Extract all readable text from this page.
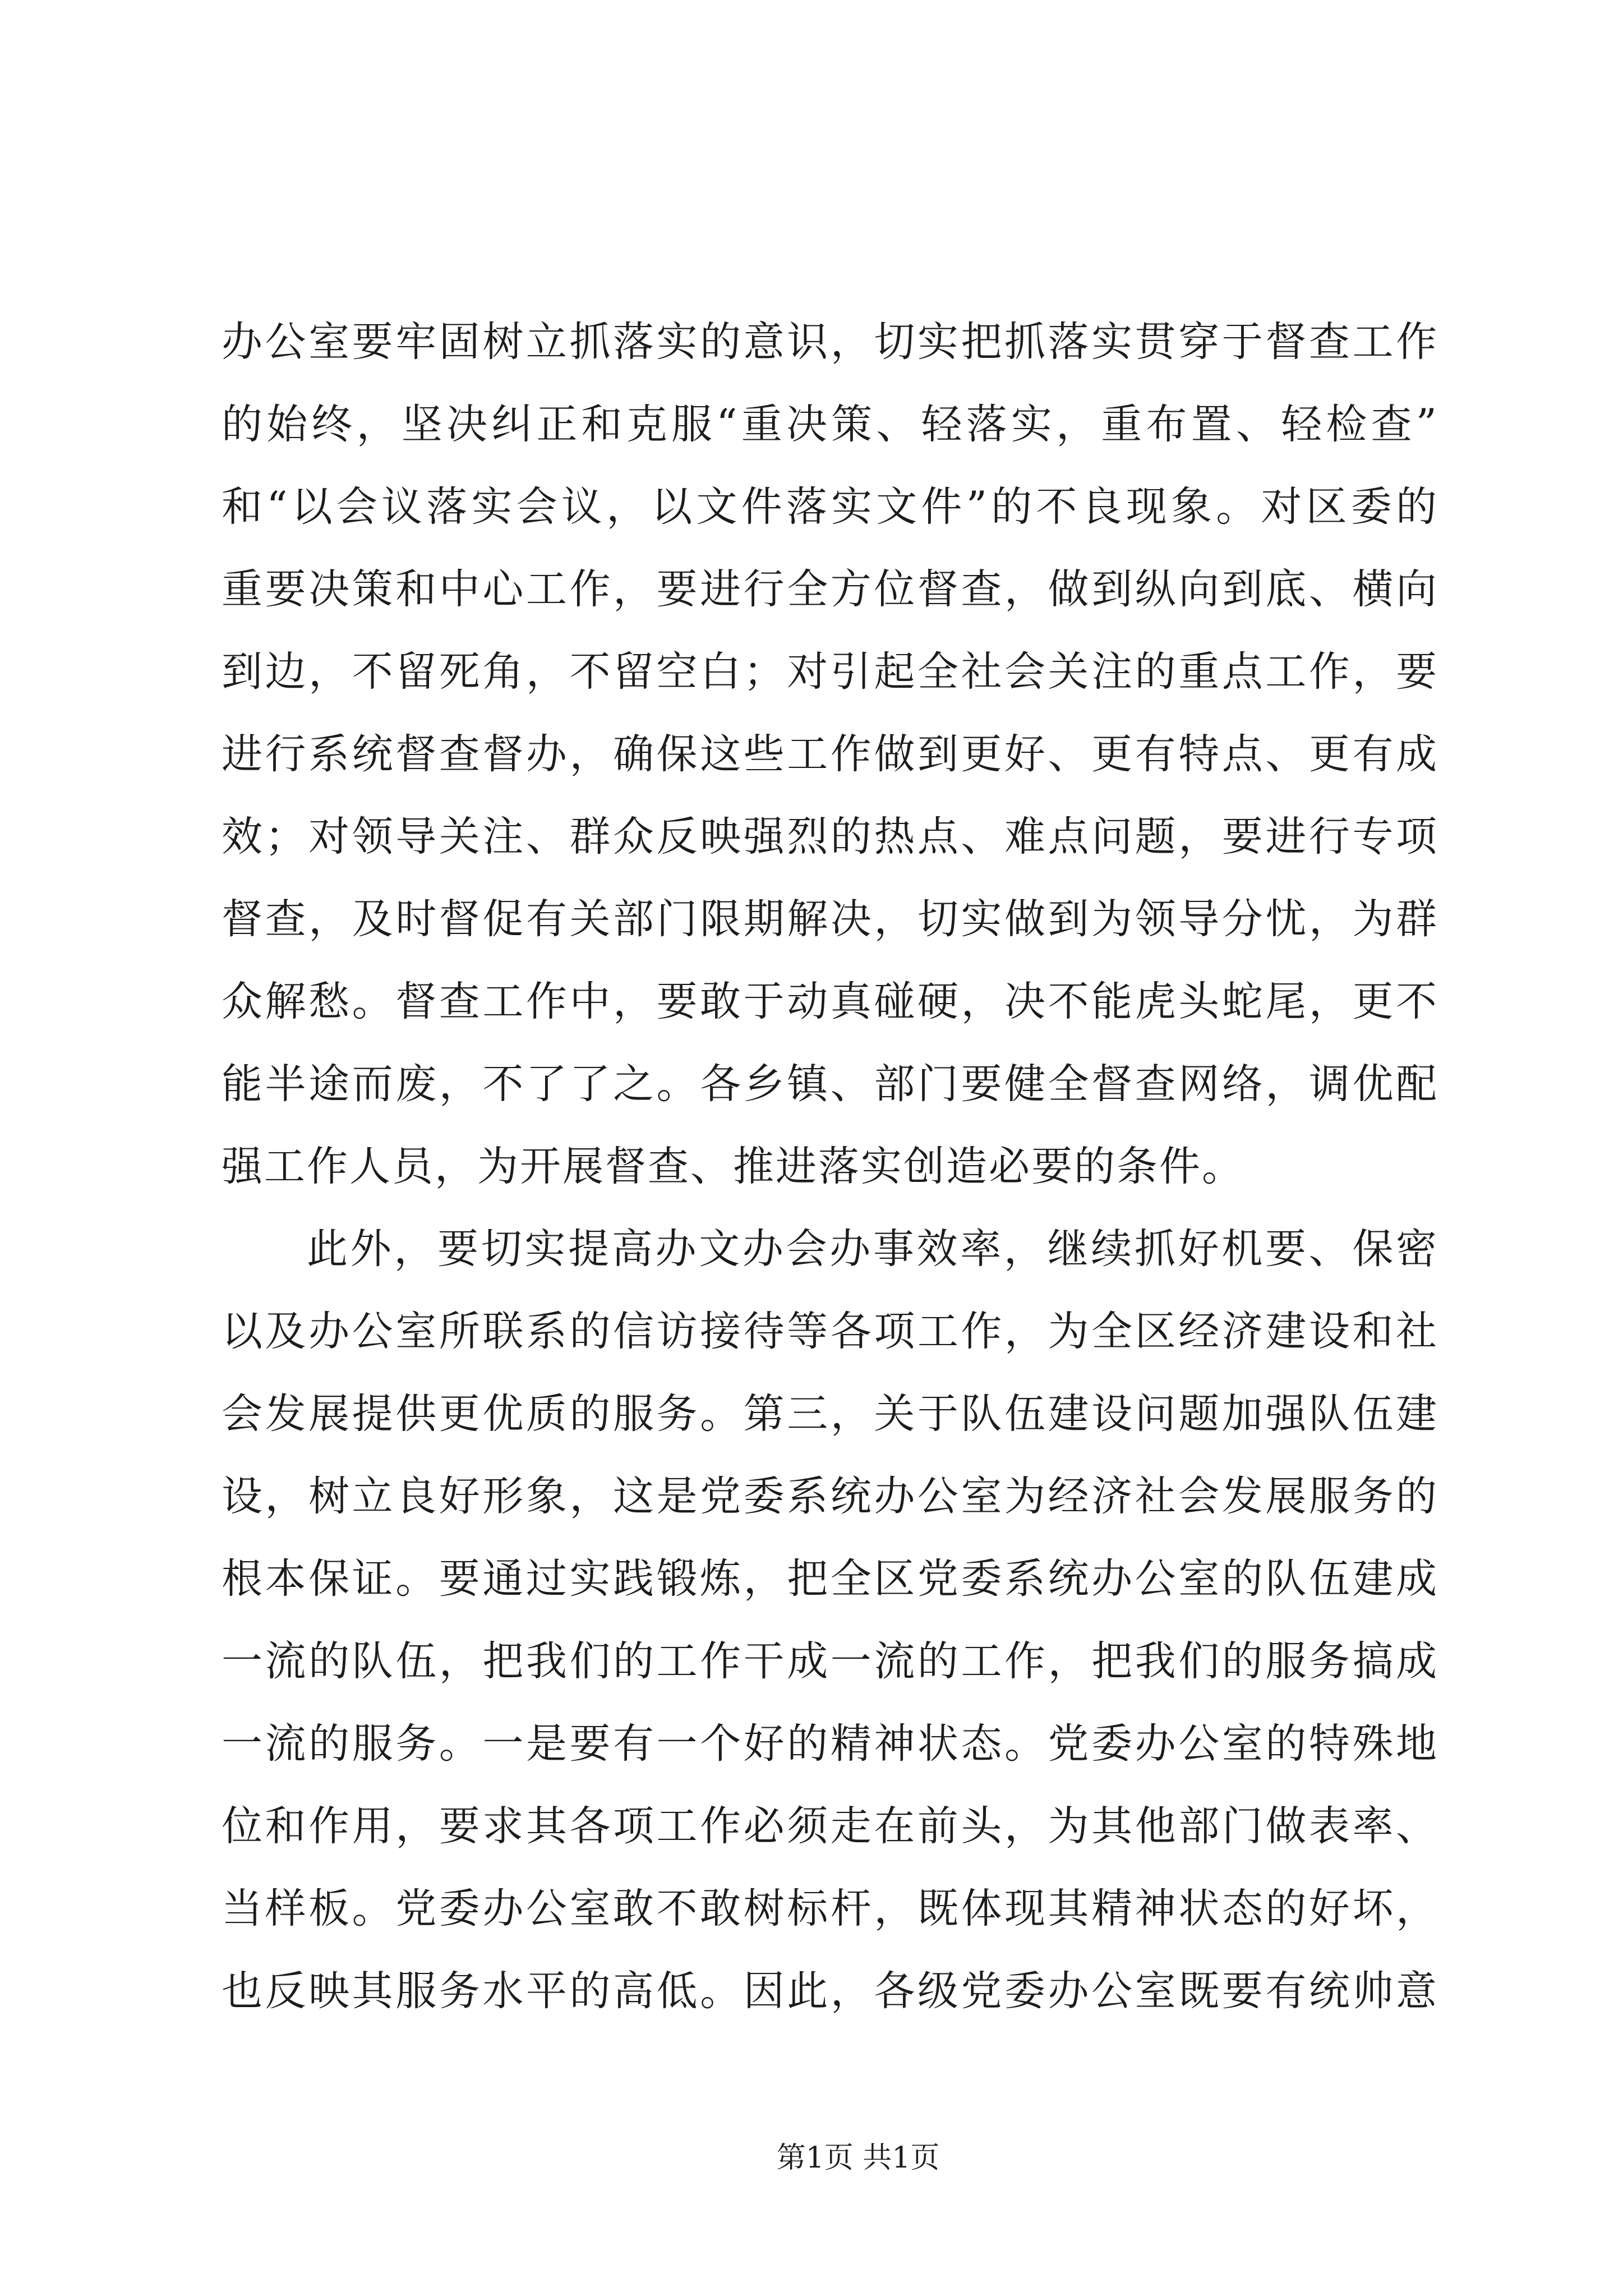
办公室要牢固树立抓落实的意识，切实把抓落实贯穿于督查工作
的始终，坚决纠正和克服“重决策、轻落实，重布置、轻检查”
和“以会议落实会议，以文件落实文件”的不良现象。对区委的
重要决策和中心工作，要进行全方位督查，做到纵向到底、横向
到边，不留死角，不留空白；对引起全社会关注的重点工作，要
进行系统督查督办，确保这些工作做到更好、更有特点、更有成
效；对领导关注、群众反映强烈的热点、难点问题，要进行专项
督查，及时督促有关部门限期解决，切实做到为领导分忧，为群
众解愁。督查工作中，要敢于动真碰硬，决不能虎头蛇尾，更不
能半途而废，不了了之。各乡镇、部门要健全督查网络，调优配
强工作人员，为开展督查、推进落实创造必要的条件。
此外，要切实提高办文办会办事效率，继续抓好机要、保密
以及办公室所联系的信访接待等各项工作，为全区经济建设和社
会发展提供更优质的服务。第三，关于队伍建设问题加强队伍建
设，树立良好形象，这是党委系统办公室为经济社会发展服务的
根本保证。要通过实践锻炼，把全区党委系统办公室的队伍建成
一流的队伍，把我们的工作干成一流的工作，把我们的服务搞成
一流的服务。一是要有一个好的精神状态。党委办公室的特殊地
位和作用，要求其各项工作必须走在前头，为其他部门做表率、
当样板。党委办公室敢不敢树标杆，既体现其精神状态的好坏，
也反映其服务水平的高低。因此，各级党委办公室既要有统帅意
第1页 共1页
